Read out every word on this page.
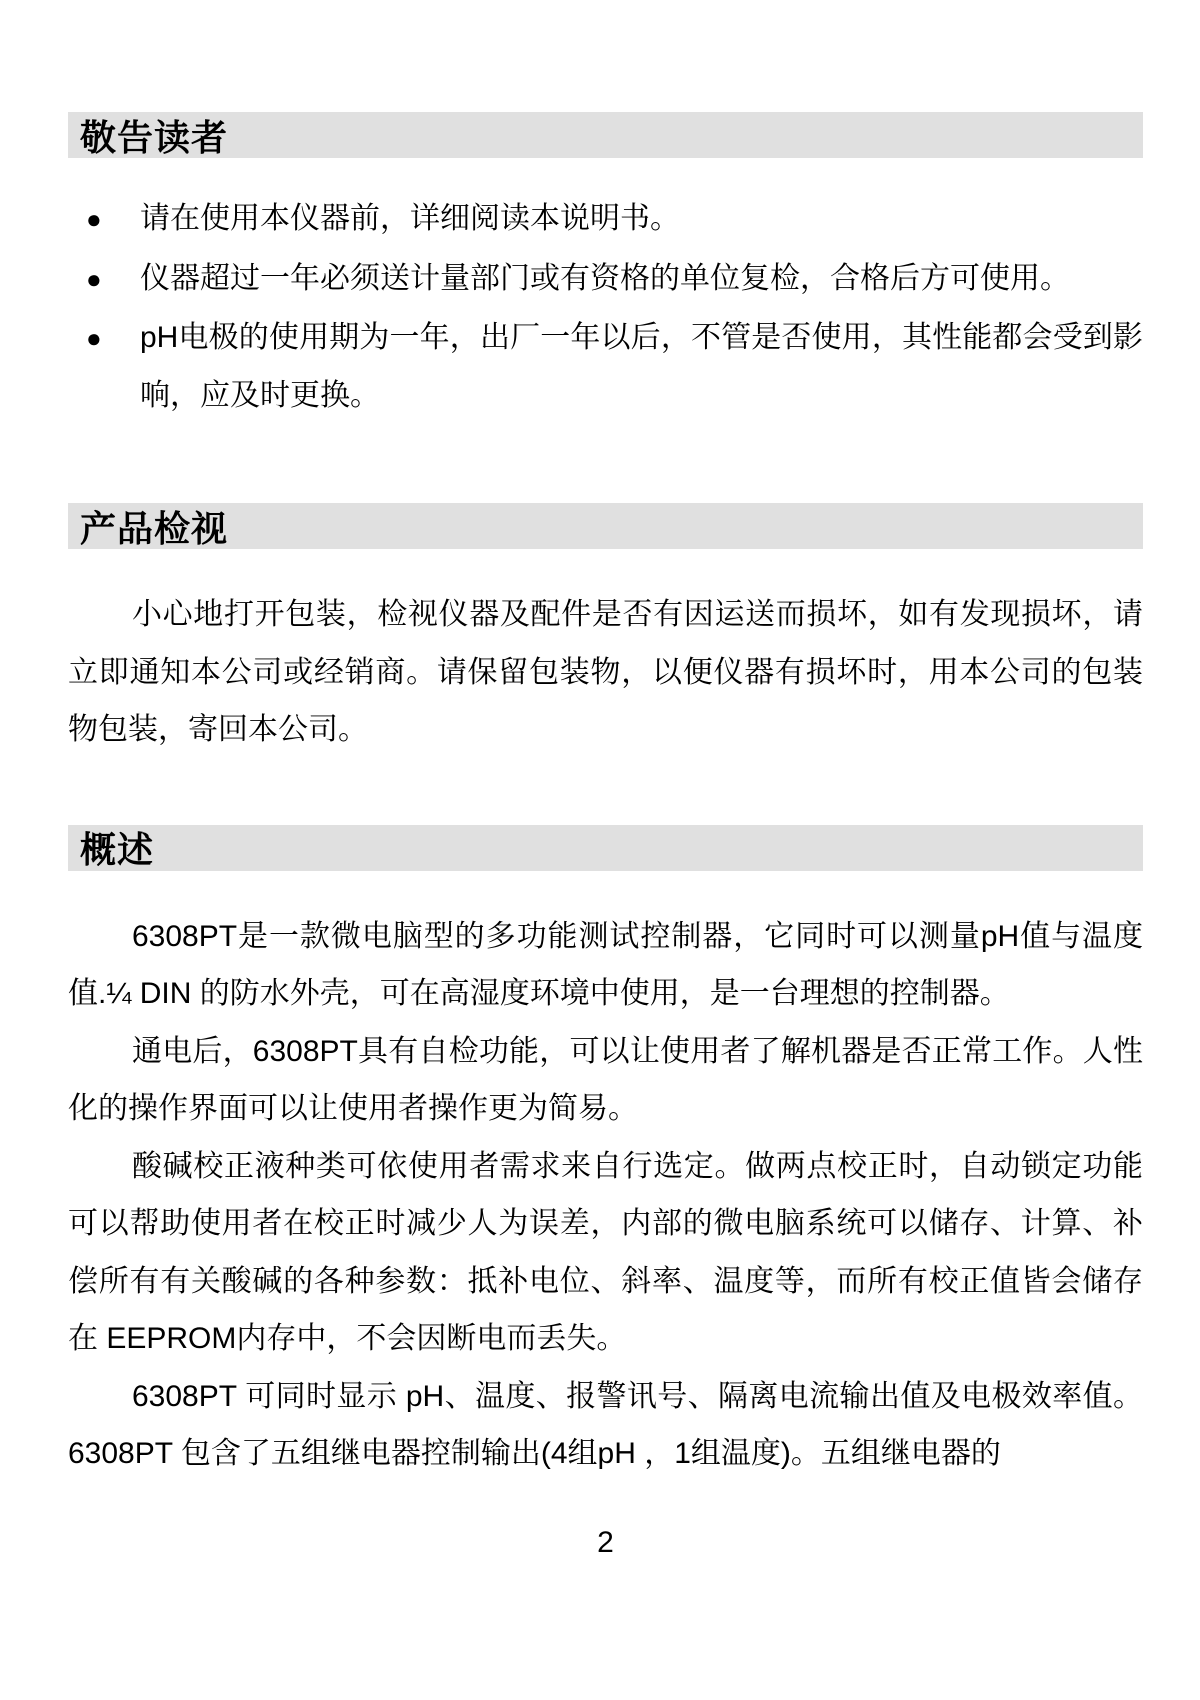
敬告读者
● 请在使用本仪器前，详细阅读本说明书。
● 仪器超过一年必须送计量部门或有资格的单位复检，合格后方可使用。
● pH电极的使用期为一年，出厂一年以后，不管是否使用，其性能都会受到影响，应及时更换。
产品检视

小心地打开包装，检视仪器及配件是否有因运送而损坏，如有发现损坏，请立即通知本公司或经销商。请保留包装物，以便仪器有损坏时，用本公司的包装物包装，寄回本公司。

概述

6308PT是一款微电脑型的多功能测试控制器，它同时可以测量pH值与温度值.¼ DIN 的防水外壳，可在高湿度环境中使用，是一台理想的控制器。

通电后，6308PT具有自检功能，可以让使用者了解机器是否正常工作。人性化的操作界面可以让使用者操作更为简易。

酸碱校正液种类可依使用者需求来自行选定。做两点校正时，自动锁定功能可以帮助使用者在校正时减少人为误差，内部的微电脑系统可以储存、计算、补偿所有有关酸碱的各种参数：抵补电位、斜率、温度等，而所有校正值皆会储存在 EEPROM内存中，不会因断电而丢失。

6308PT 可同时显示 pH、温度、报警讯号、隔离电流输出值及电极效率值。6308PT 包含了五组继电器控制输出(4组pH ，1组温度)。五组继电器的

2
